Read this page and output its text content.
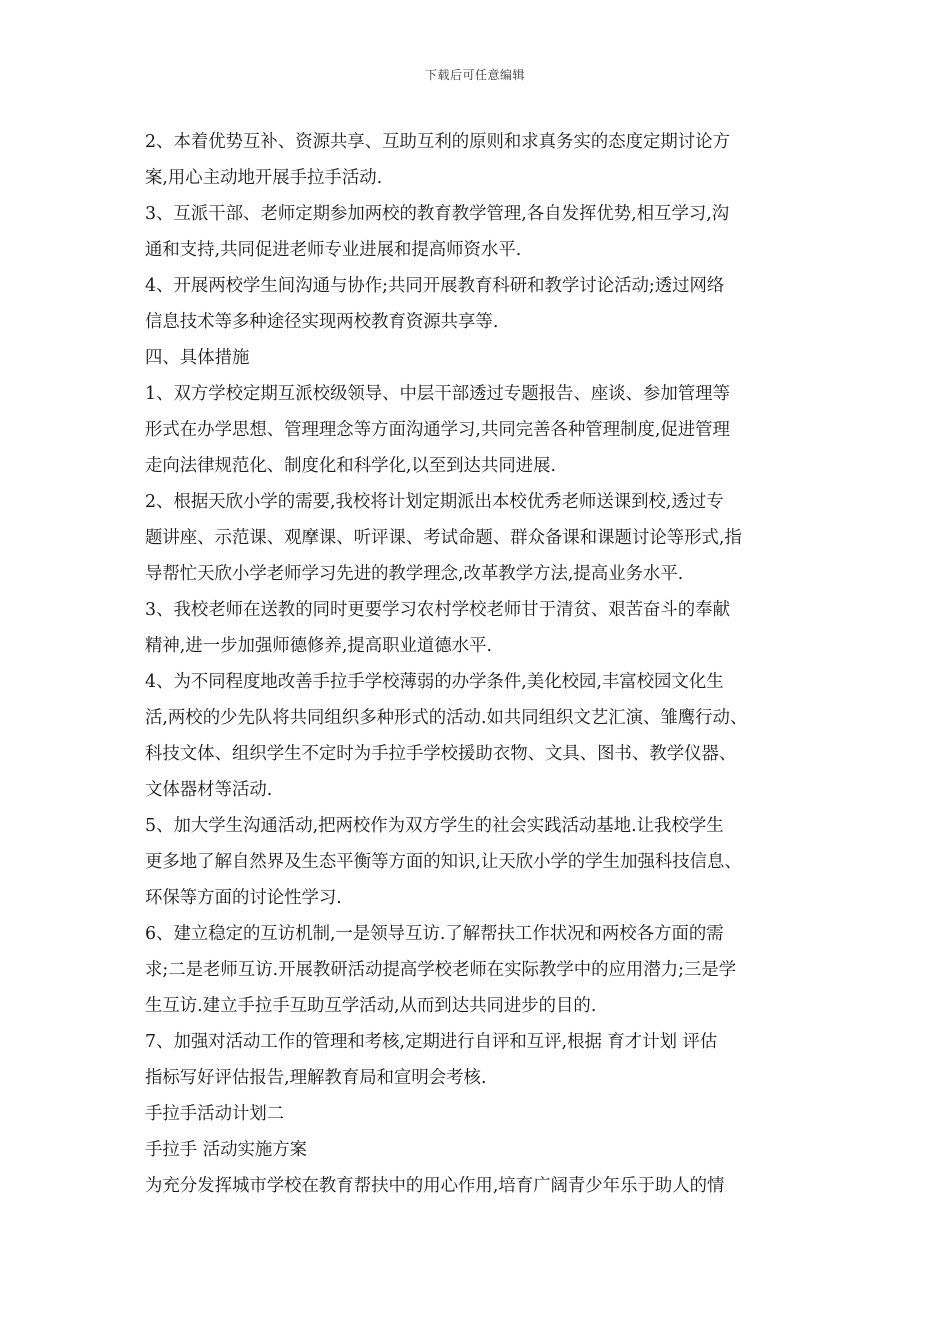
下载后可任意编辑
2、本着优势互补、资源共享、互助互利的原则和求真务实的态度定期讨论方
案,用心主动地开展手拉手活动.
3、互派干部、老师定期参加两校的教育教学管理,各自发挥优势,相互学习,沟
通和支持,共同促进老师专业进展和提高师资水平.
4、开展两校学生间沟通与协作;共同开展教育科研和教学讨论活动;透过网络
信息技术等多种途径实现两校教育资源共享等.
四、具体措施
1、双方学校定期互派校级领导、中层干部透过专题报告、座谈、参加管理等
形式在办学思想、管理理念等方面沟通学习,共同完善各种管理制度,促进管理
走向法律规范化、制度化和科学化,以至到达共同进展.
2、根据天欣小学的需要,我校将计划定期派出本校优秀老师送课到校,透过专
题讲座、示范课、观摩课、听评课、考试命题、群众备课和课题讨论等形式,指
导帮忙天欣小学老师学习先进的教学理念,改革教学方法,提高业务水平.
3、我校老师在送教的同时更要学习农村学校老师甘于清贫、艰苦奋斗的奉献
精神,进一步加强师德修养,提高职业道德水平.
4、为不同程度地改善手拉手学校薄弱的办学条件,美化校园,丰富校园文化生
活,两校的少先队将共同组织多种形式的活动.如共同组织文艺汇演、雏鹰行动、
科技文体、组织学生不定时为手拉手学校援助衣物、文具、图书、教学仪器、
文体器材等活动.
5、加大学生沟通活动,把两校作为双方学生的社会实践活动基地.让我校学生
更多地了解自然界及生态平衡等方面的知识,让天欣小学的学生加强科技信息、
环保等方面的讨论性学习.
6、建立稳定的互访机制,一是领导互访.了解帮扶工作状况和两校各方面的需
求;二是老师互访.开展教研活动提高学校老师在实际教学中的应用潜力;三是学
生互访.建立手拉手互助互学活动,从而到达共同进步的目的.
7、加强对活动工作的管理和考核,定期进行自评和互评,根据 育才计划 评估
指标写好评估报告,理解教育局和宣明会考核.
手拉手活动计划二
手拉手 活动实施方案
为充分发挥城市学校在教育帮扶中的用心作用,培育广阔青少年乐于助人的情
